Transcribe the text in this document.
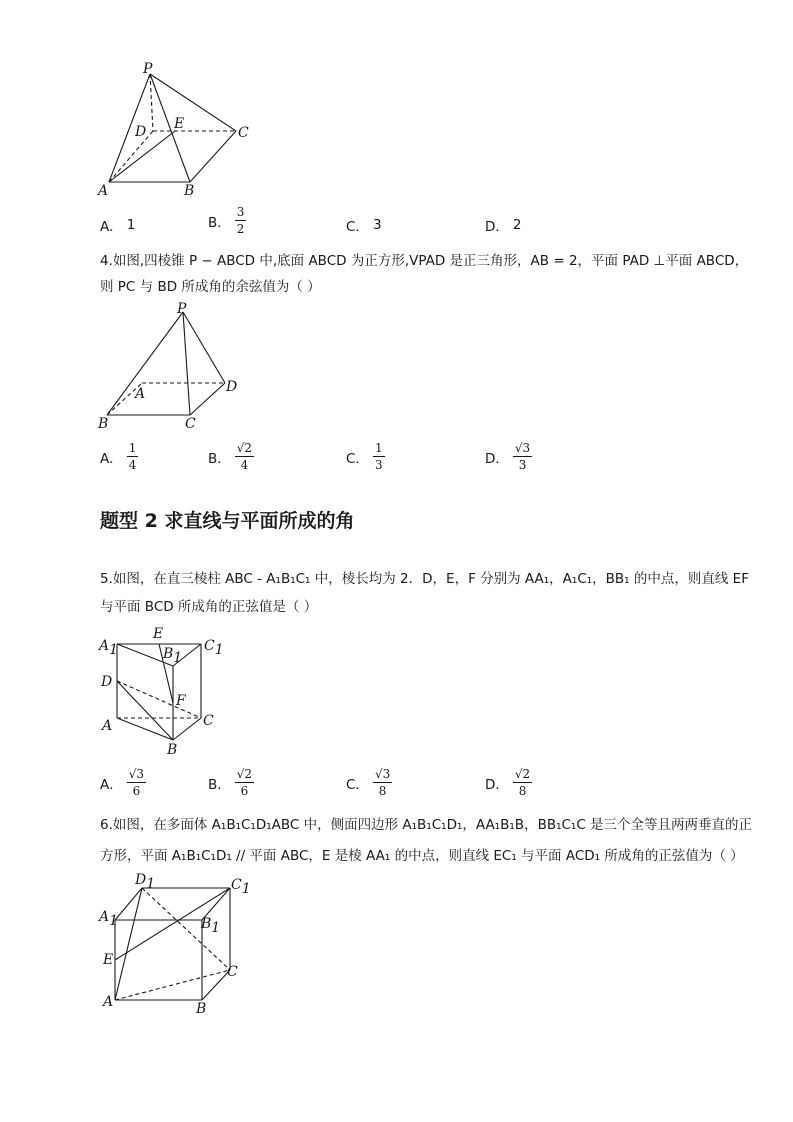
P
D E
C
A	B
A． 1	B． $\frac{3}{2}$	C． 3	D． 2
4.如图,四棱锥 P − ABCD 中,底面 ABCD 为正方形,VPAD 是正三角形，AB = 2，平面 PAD ⊥平面 ABCD，
则 PC 与 BD 所成角的余弦值为（ ）
P
A	D
B	C
A． $\frac{1}{4}$	B． $\frac{√2}{4}$	C． $\frac{1}{3}$	D． $\frac{√3}{3}$
题型 2 求直线与平面所成的角
5.如图，在直三棱柱 ABC - A₁B₁C₁ 中，棱长均为 2．D，E，F 分别为 AA₁，A₁C₁，BB₁ 的中点，则直线 EF
与平面 BCD 所成角的正弦值是（ ）
A1
E
B1
C1
D
F
A	C
B
A． $\frac{√3}{6}$	B． $\frac{√2}{6}$	C． $\frac{√3}{8}$	D． $\frac{√2}{8}$
6.如图，在多面体 A₁B₁C₁D₁ABC 中，侧面四边形 A₁B₁C₁D₁，AA₁B₁B，BB₁C₁C 是三个全等且两两垂直的正
方形，平面 A₁B₁C₁D₁ // 平面 ABC，E 是棱 AA₁ 的中点，则直线 EC₁ 与平面 ACD₁ 所成角的正弦值为（ ）
D1	C1
A1	B1
E
C
A	B
